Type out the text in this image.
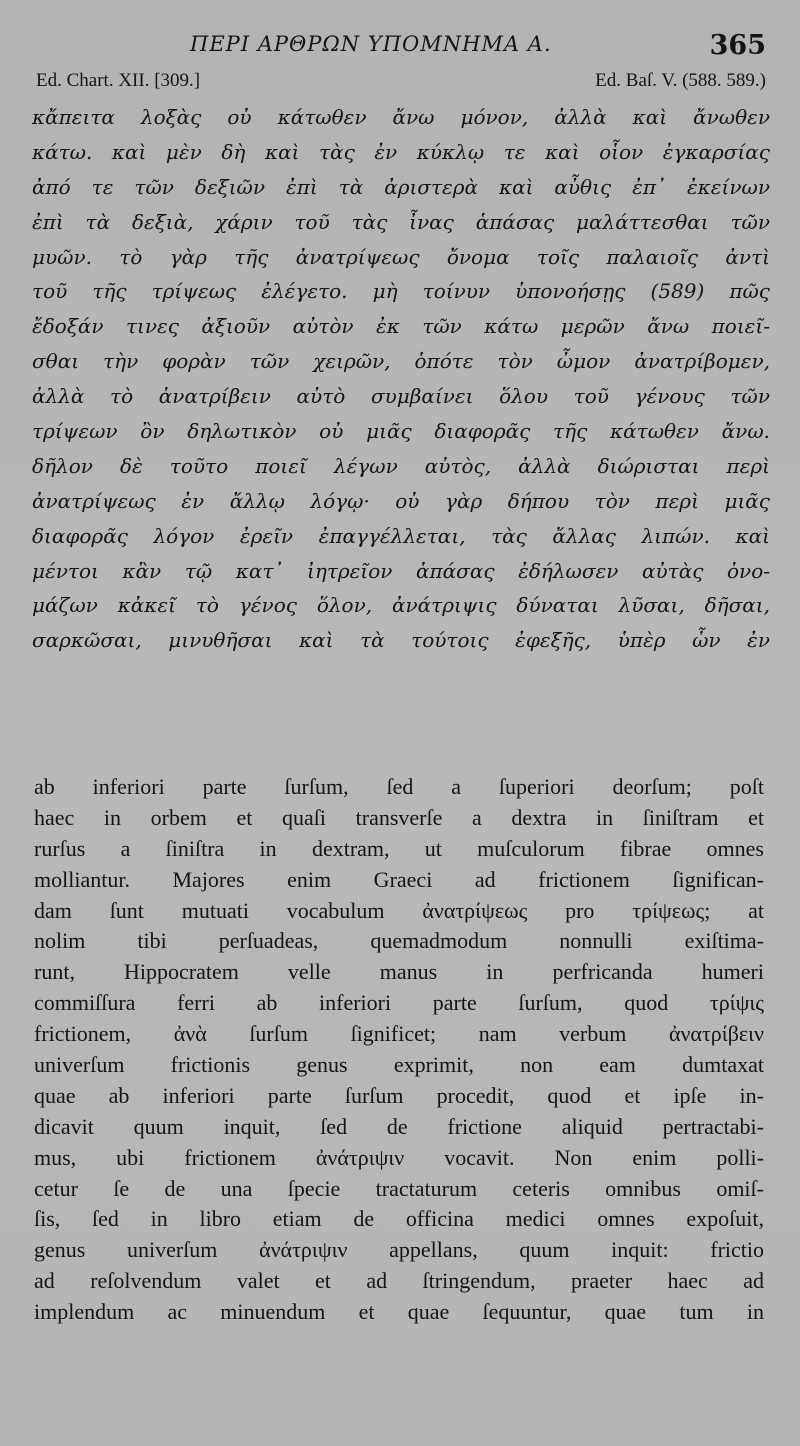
ΠΕΡΙ ΑΡΘΡΩΝ ΥΠΟΜΝΗΜΑ Α.	365
Ed. Chart. XII. [309.]	Ed. Baſ. V. (588. 589.)
κἄπειτα λοξὰς οὐ κάτωθεν ἄνω μόνον, ἀλλὰ καὶ ἄνωθεν
κάτω. καὶ μὲν δὴ καὶ τὰς ἐν κύκλῳ τε καὶ οἷον ἐγκαρσίας
ἀπό τε τῶν δεξιῶν ἐπὶ τὰ ἀριστερὰ καὶ αὖθις ἐπ᾽ ἐκείνων
ἐπὶ τὰ δεξιὰ, χάριν τοῦ τὰς ἶνας ἁπάσας μαλάττεσθαι τῶν
μυῶν. τὸ γὰρ τῆς ἀνατρίψεως ὄνομα τοῖς παλαιοῖς ἀντὶ
τοῦ τῆς τρίψεως ἐλέγετο. μὴ τοίνυν ὑπονοήσῃς (589) πῶς
ἔδοξάν τινες ἀξιοῦν αὐτὸν ἐκ τῶν κάτω μερῶν ἄνω ποιεῖ-
σθαι τὴν φορὰν τῶν χειρῶν, ὁπότε τὸν ὦμον ἀνατρίβομεν,
ἀλλὰ τὸ ἀνατρίβειν αὐτὸ συμβαίνει ὅλου τοῦ γένους τῶν
τρίψεων ὂν δηλωτικὸν οὐ μιᾶς διαφορᾶς τῆς κάτωθεν ἄνω.
δῆλον δὲ τοῦτο ποιεῖ λέγων αὐτὸς, ἀλλὰ διώρισται περὶ
ἀνατρίψεως ἐν ἄλλῳ λόγῳ· οὐ γὰρ δήπου τὸν περὶ μιᾶς
διαφορᾶς λόγον ἐρεῖν ἐπαγγέλλεται, τὰς ἄλλας λιπών. καὶ
μέντοι κἂν τῷ κατ᾽ ἰητρεῖον ἁπάσας ἐδήλωσεν αὐτὰς ὀνο-
μάζων κἀκεῖ τὸ γένος ὅλον, ἀνάτριψις δύναται λῦσαι, δῆσαι,
σαρκῶσαι, μινυθῆσαι καὶ τὰ τούτοις ἐφεξῆς, ὑπὲρ ὧν ἐν
ab inferiori parte ſurſum, ſed a ſuperiori deorſum; poſt
haec in orbem et quaſi transverſe a dextra in ſiniſtram et
rurſus a ſiniſtra in dextram, ut muſculorum fibrae omnes
molliantur. Majores enim Graeci ad frictionem ſignifican-
dam ſunt mutuati vocabulum ἀνατρίψεως pro τρίψεως; at
nolim tibi perſuadeas, quemadmodum nonnulli exiſtima-
runt, Hippocratem velle manus in perfricanda humeri
commiſſura ferri ab inferiori parte ſurſum, quod τρίψις
frictionem, ἀνὰ ſurſum ſignificet; nam verbum ἀνατρίβειν
univerſum frictionis genus exprimit, non eam dumtaxat
quae ab inferiori parte ſurſum procedit, quod et ipſe in-
dicavit quum inquit, ſed de frictione aliquid pertractabi-
mus, ubi frictionem ἀνάτριψιν vocavit. Non enim polli-
cetur ſe de una ſpecie tractaturum ceteris omnibus omiſ-
ſis, ſed in libro etiam de officina medici omnes expoſuit,
genus univerſum ἀνάτριψιν appellans, quum inquit: frictio
ad reſolvendum valet et ad ſtringendum, praeter haec ad
implendum ac minuendum et quae ſequuntur, quae tum in
